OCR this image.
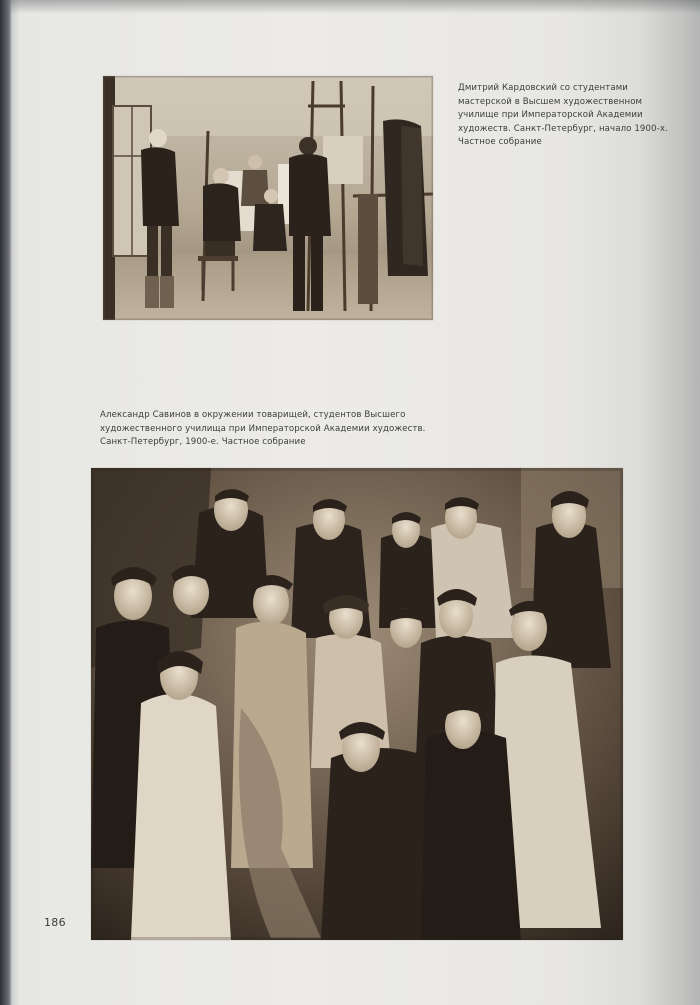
Дмитрий Кардовский со студентами
мастерской в Высшем художественном
училище при Императорской Академии
художеств. Санкт-Петербург, начало 1900-х.
Частное собрание
Александр Савинов в окружении товарищей, студентов Высшего
художественного училища при Императорской Академии художеств.
Санкт-Петербург, 1900-е. Частное собрание
186
